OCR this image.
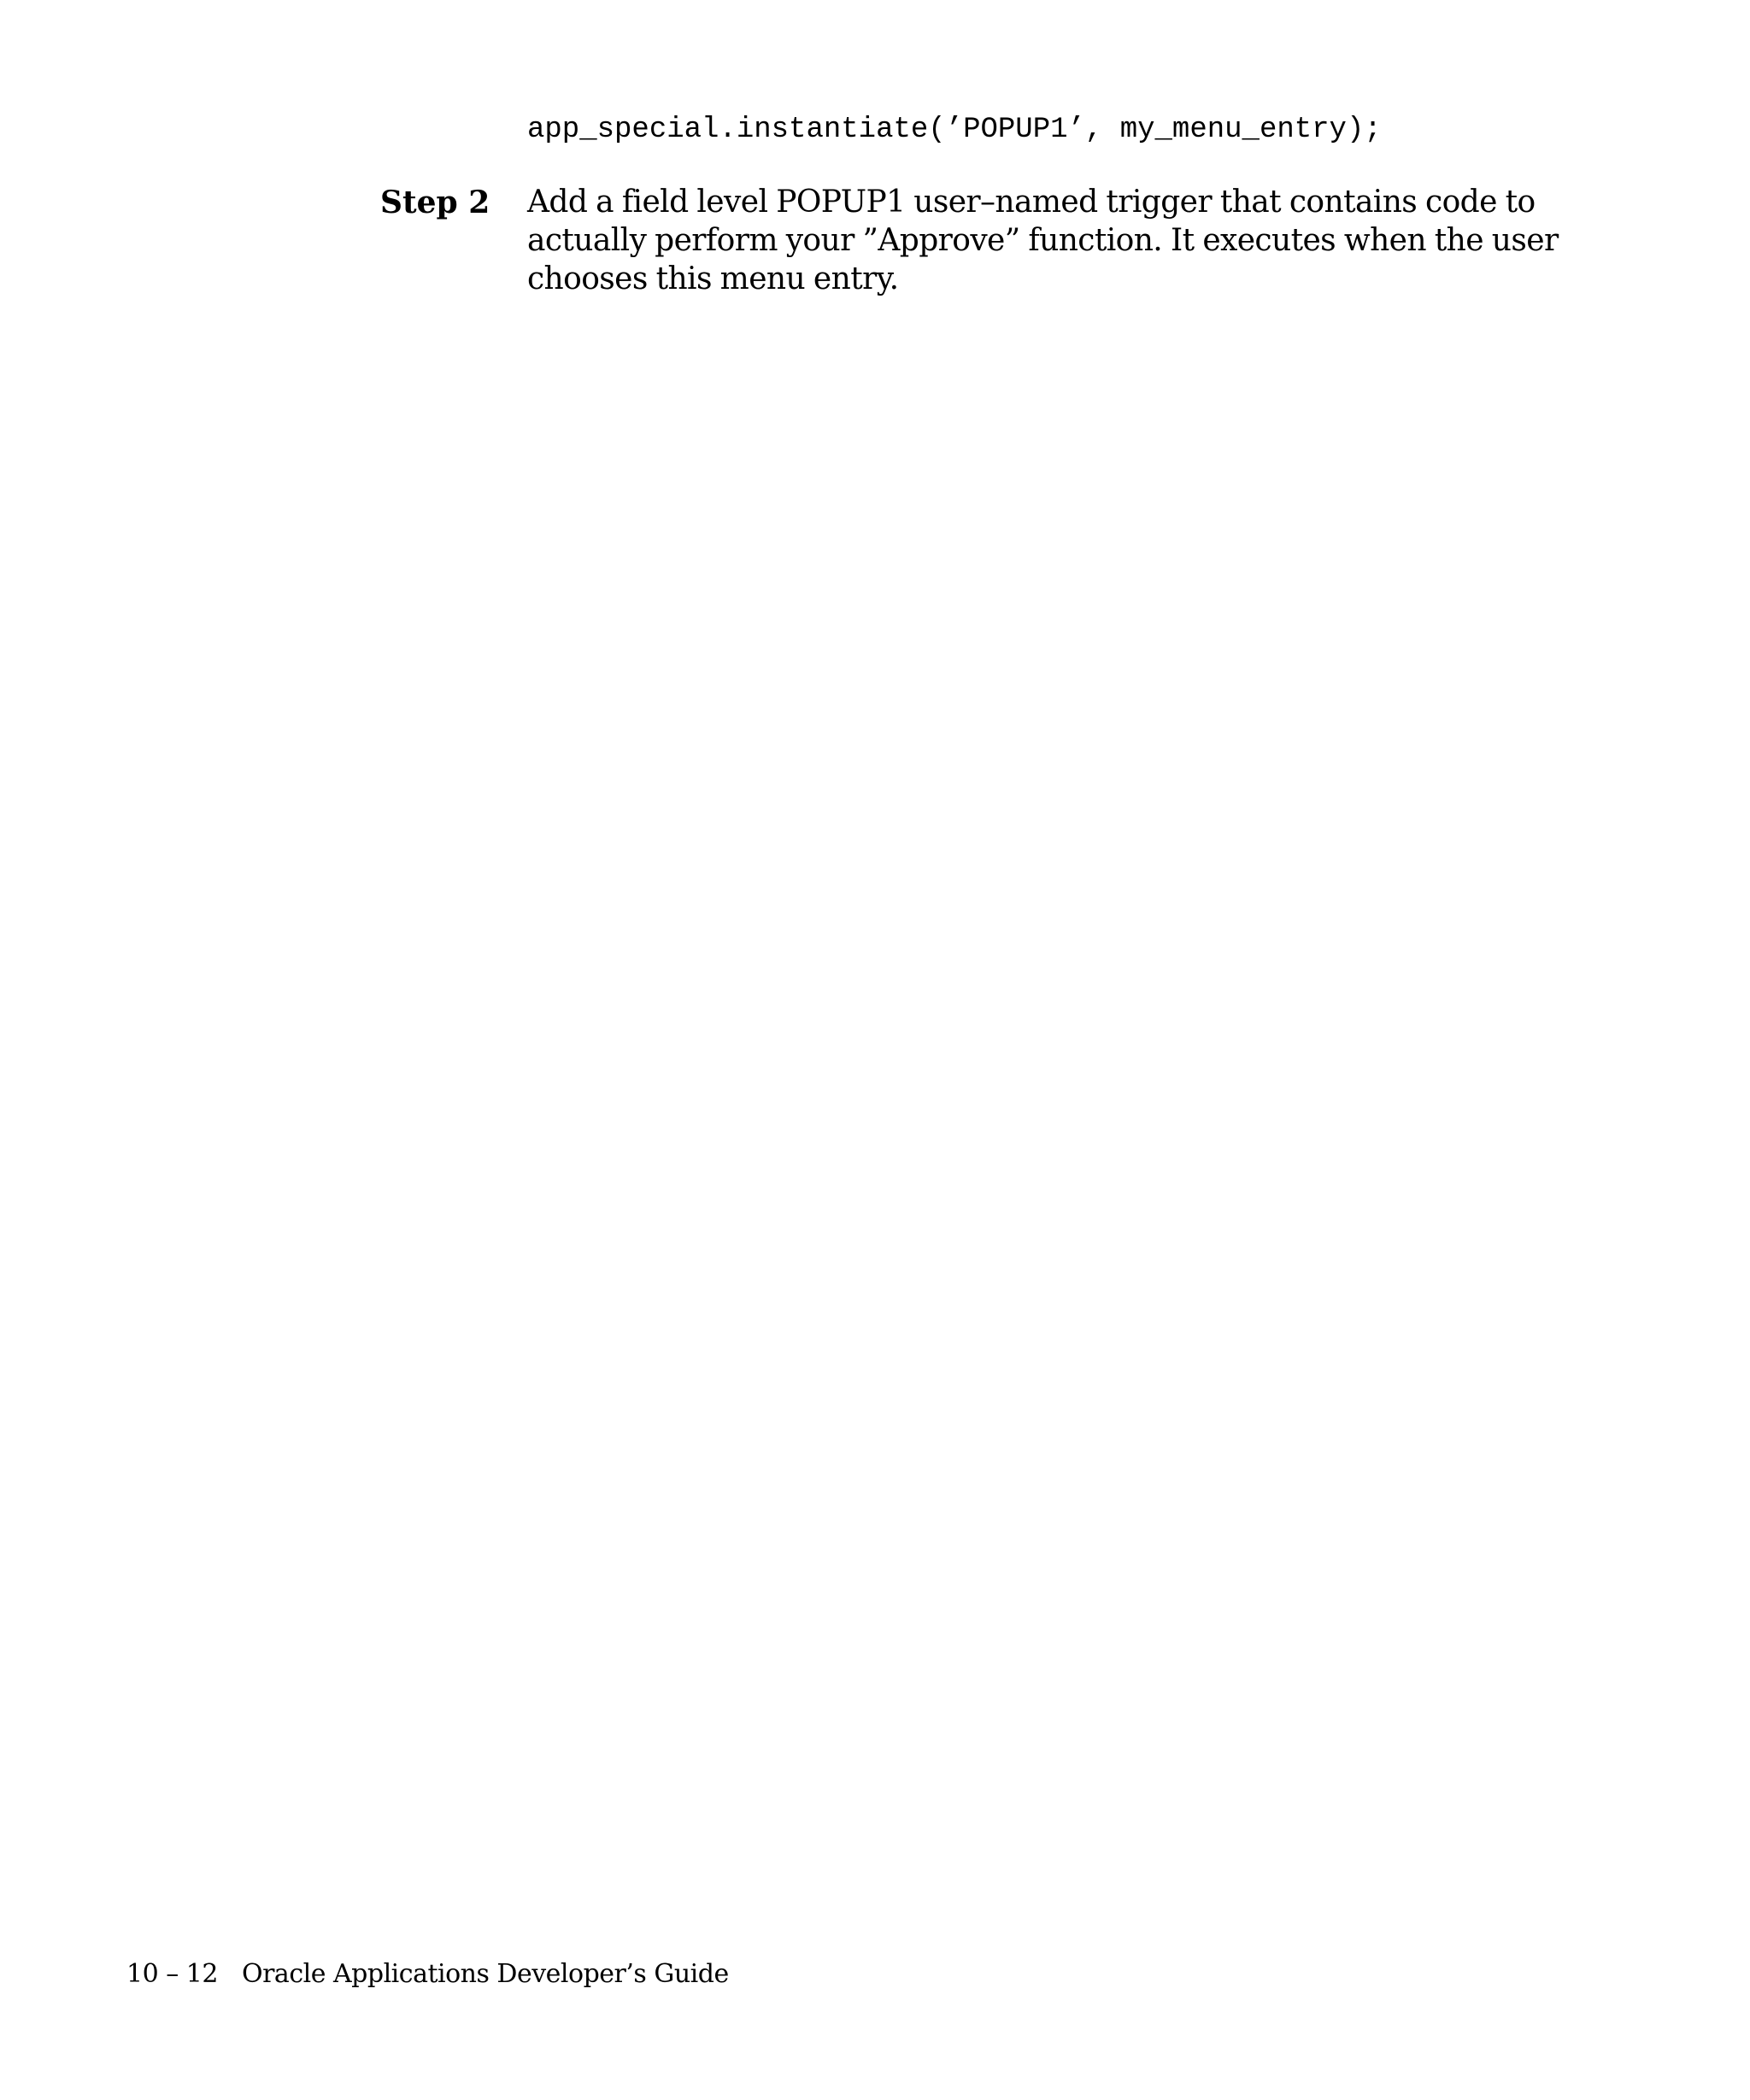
app_special.instantiate(’POPUP1’, my_menu_entry);
Step 2 Add a field level POPUP1 user–named trigger that contains code to
actually perform your ”Approve” function. It executes when the user
chooses this menu entry.
10 – 12 Oracle Applications Developer’s Guide
